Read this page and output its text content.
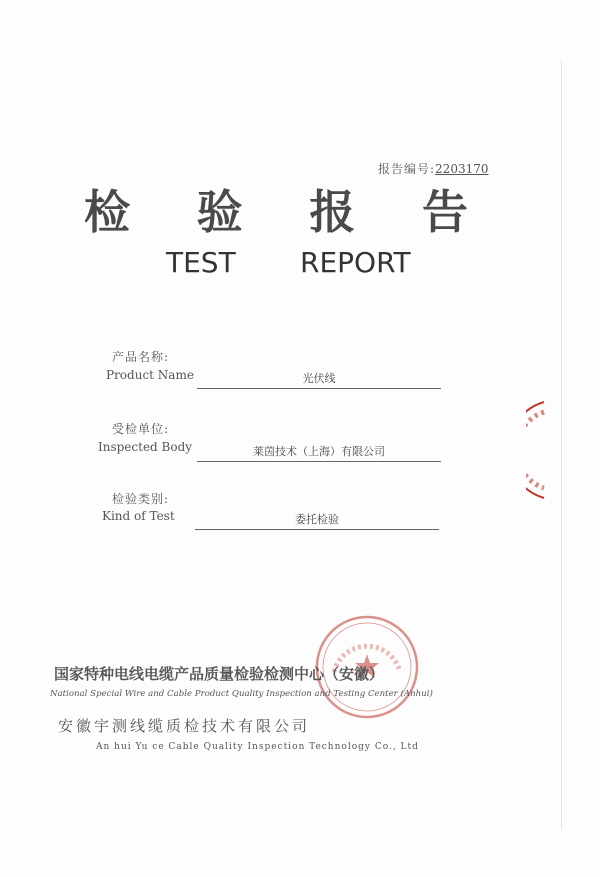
报告编号:2203170
检 验 报 告
TEST REPORT
产品名称:
Product Name	光伏线
受检单位:
Inspected Body	莱茵技术（上海）有限公司
检验类别:
Kind of Test	委托检验
国家特种电线电缆产品质量检验检测中心（安徽）
National Special Wire and Cable Product Quality Inspection and Testing Center (Anhui)
安徽宇测线缆质检技术有限公司
An hui Yu ce Cable Quality Inspection Technology Co., Ltd
